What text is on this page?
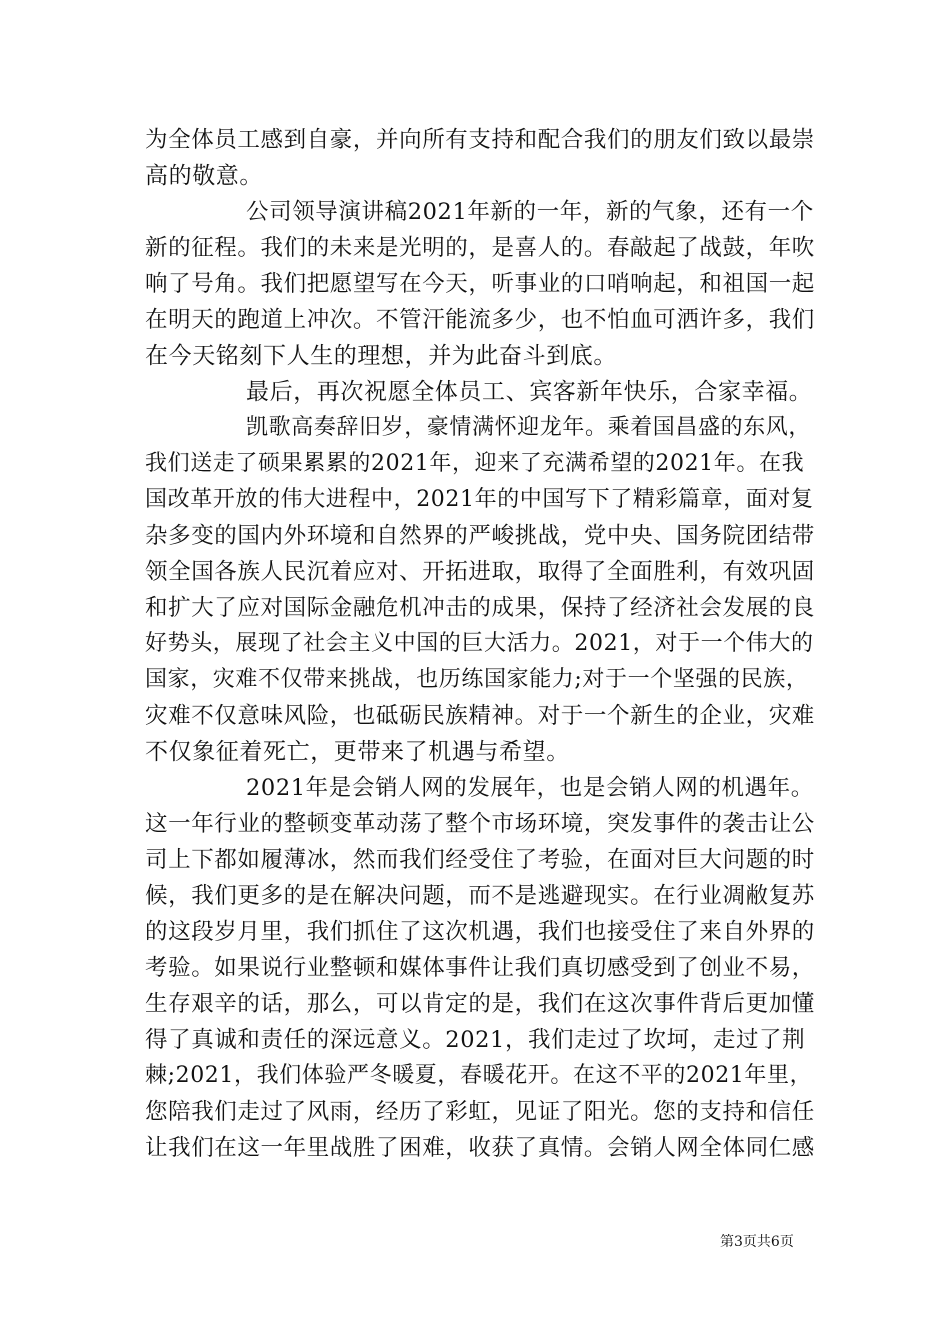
为全体员工感到自豪，并向所有支持和配合我们的朋友们致以最崇
高的敬意。
公司领导演讲稿2021年新的一年，新的气象，还有一个
新的征程。我们的未来是光明的，是喜人的。春敲起了战鼓，年吹
响了号角。我们把愿望写在今天，听事业的口哨响起，和祖国一起
在明天的跑道上冲次。不管汗能流多少，也不怕血可洒许多，我们
在今天铭刻下人生的理想，并为此奋斗到底。
最后，再次祝愿全体员工、宾客新年快乐，合家幸福。
凯歌高奏辞旧岁，豪情满怀迎龙年。乘着国昌盛的东风，
我们送走了硕果累累的2021年，迎来了充满希望的2021年。在我
国改革开放的伟大进程中，2021年的中国写下了精彩篇章，面对复
杂多变的国内外环境和自然界的严峻挑战，党中央、国务院团结带
领全国各族人民沉着应对、开拓进取，取得了全面胜利，有效巩固
和扩大了应对国际金融危机冲击的成果，保持了经济社会发展的良
好势头，展现了社会主义中国的巨大活力。2021，对于一个伟大的
国家，灾难不仅带来挑战，也历练国家能力;对于一个坚强的民族，
灾难不仅意味风险，也砥砺民族精神。对于一个新生的企业，灾难
不仅象征着死亡，更带来了机遇与希望。
2021年是会销人网的发展年，也是会销人网的机遇年。
这一年行业的整顿变革动荡了整个市场环境，突发事件的袭击让公
司上下都如履薄冰，然而我们经受住了考验，在面对巨大问题的时
候，我们更多的是在解决问题，而不是逃避现实。在行业凋敝复苏
的这段岁月里，我们抓住了这次机遇，我们也接受住了来自外界的
考验。如果说行业整顿和媒体事件让我们真切感受到了创业不易，
生存艰辛的话，那么，可以肯定的是，我们在这次事件背后更加懂
得了真诚和责任的深远意义。2021，我们走过了坎坷，走过了荆
棘;2021，我们体验严冬暖夏，春暖花开。在这不平的2021年里，
您陪我们走过了风雨，经历了彩虹，见证了阳光。您的支持和信任
让我们在这一年里战胜了困难，收获了真情。会销人网全体同仁感
第3页共6页
